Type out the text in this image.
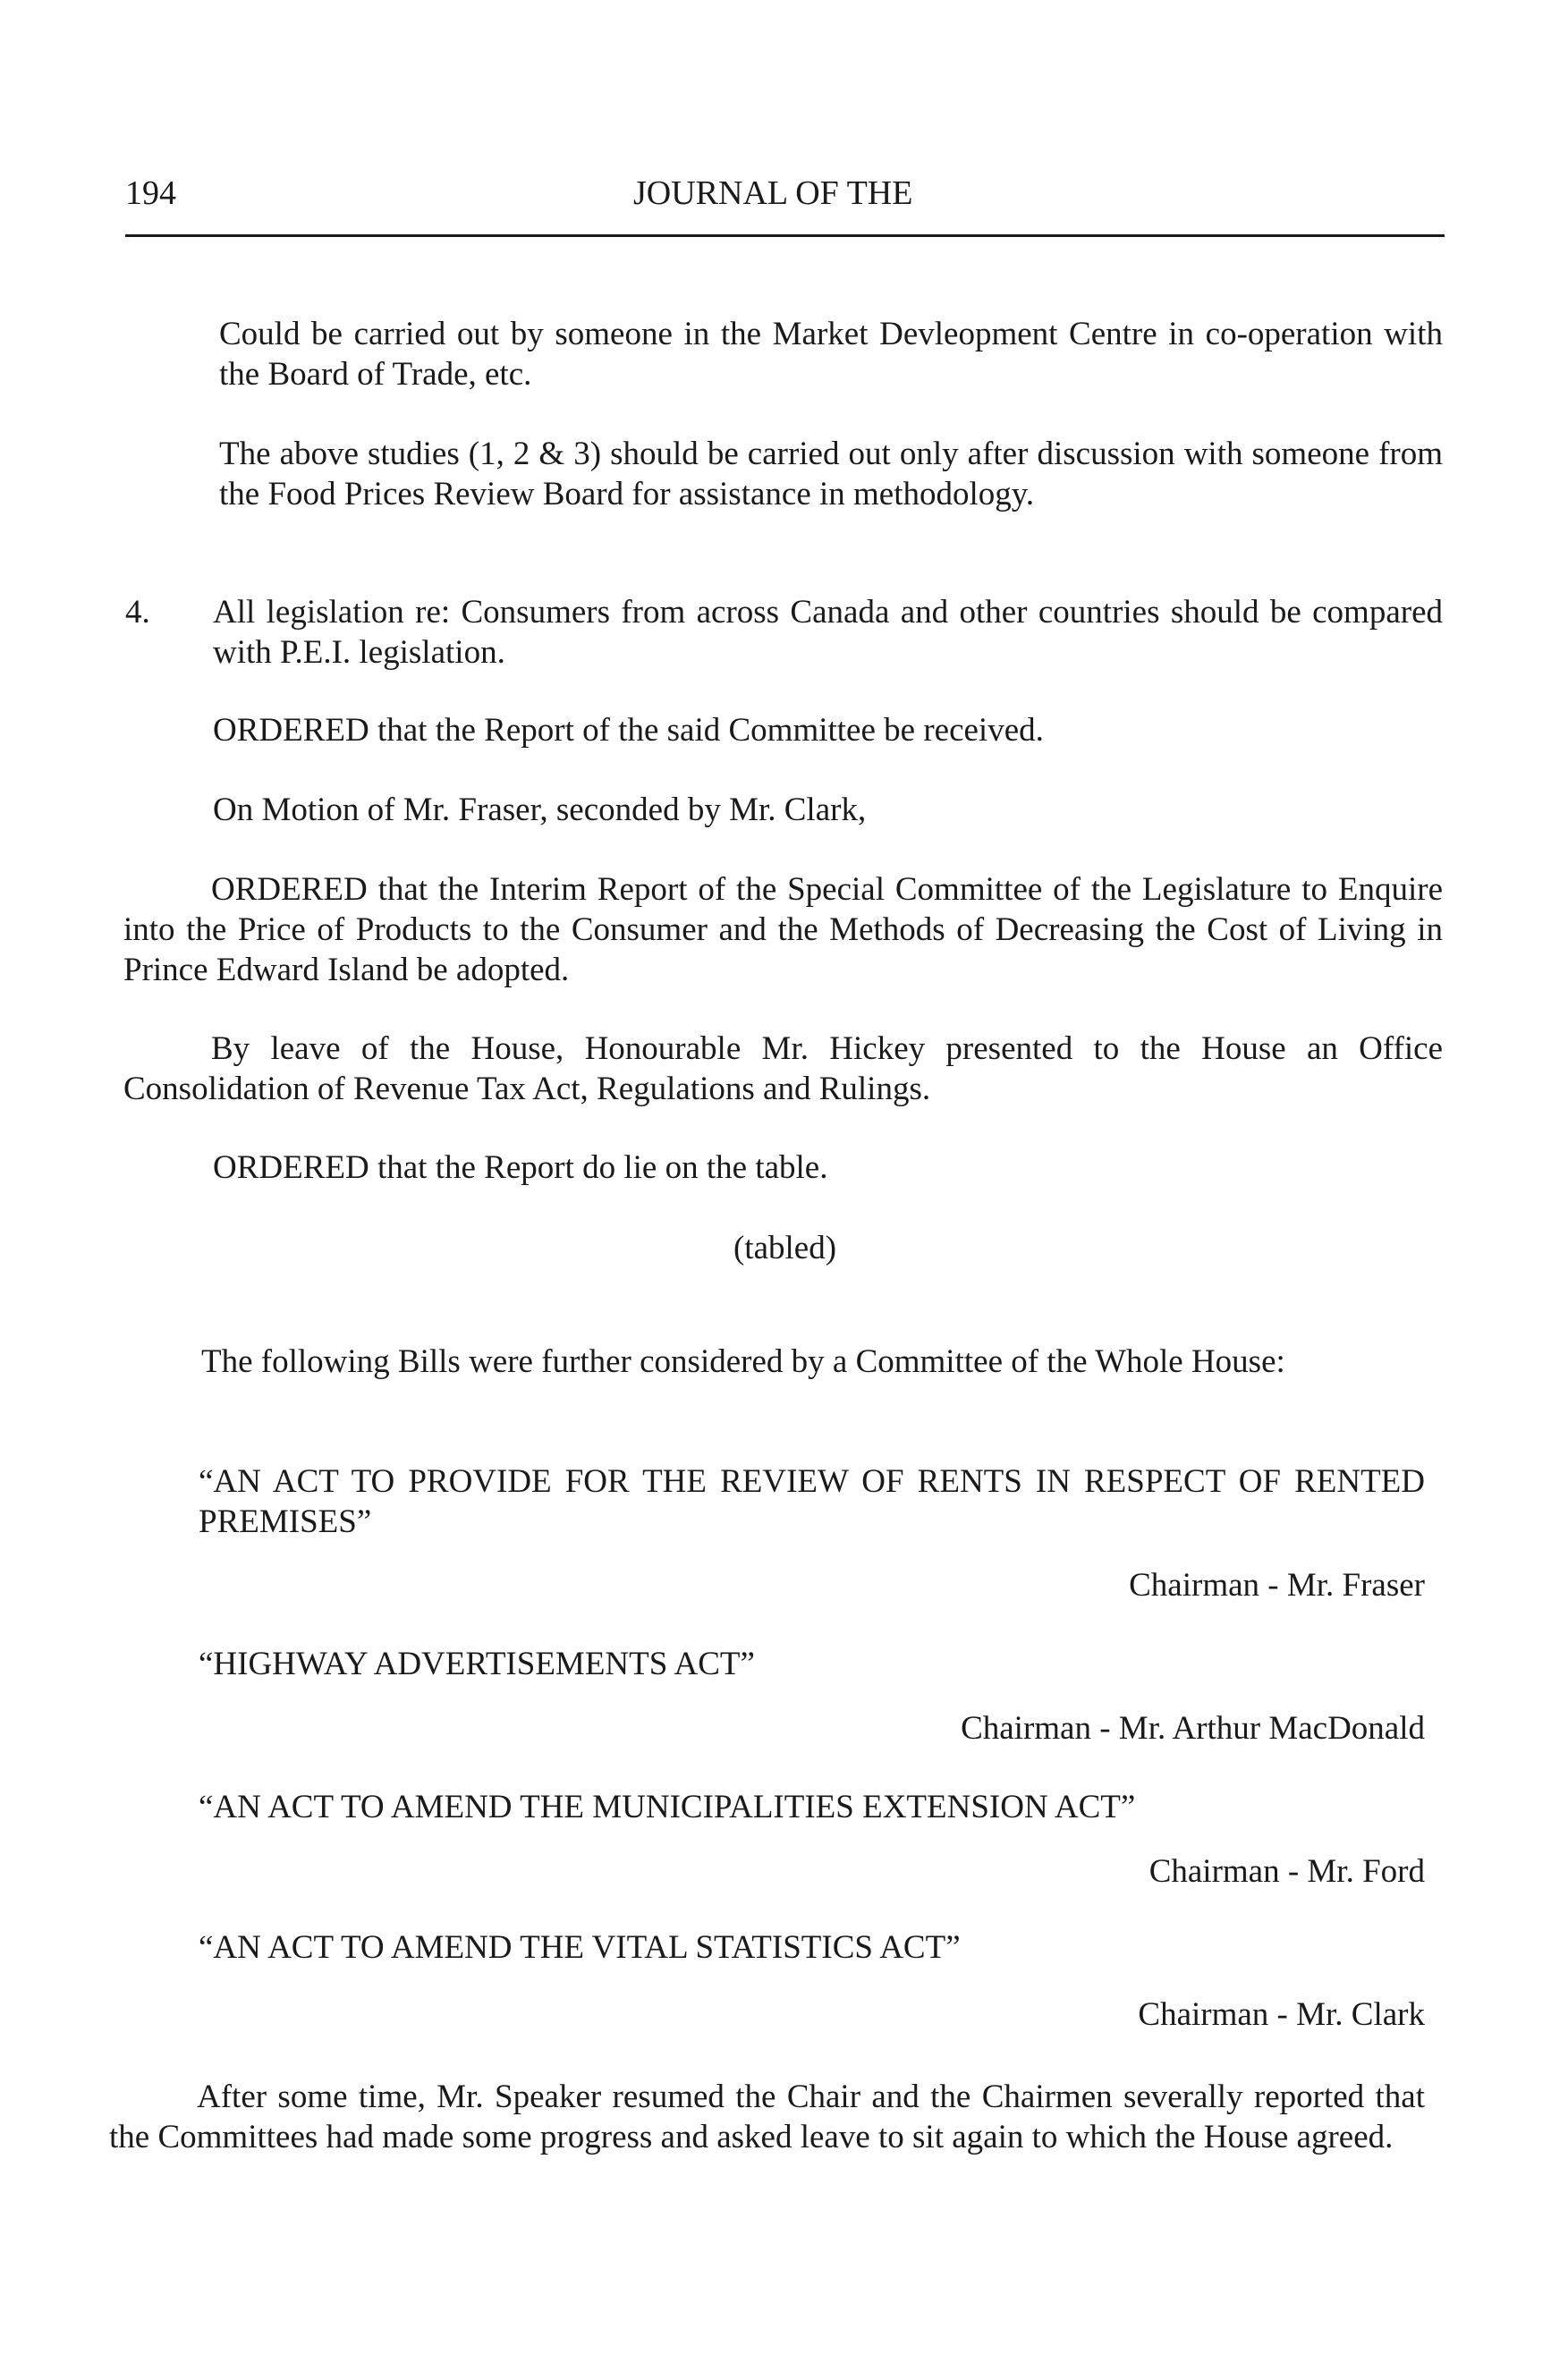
194	JOURNAL OF THE

Could be carried out by someone in the Market Devleopment Centre in co-operation with the Board of Trade, etc.

The above studies (1, 2 & 3) should be carried out only after discussion with someone from the Food Prices Review Board for assistance in methodology.

4. All legislation re: Consumers from across Canada and other countries should be compared with P.E.I. legislation.

ORDERED that the Report of the said Committee be received.

On Motion of Mr. Fraser, seconded by Mr. Clark,

ORDERED that the Interim Report of the Special Committee of the Legislature to Enquire into the Price of Products to the Consumer and the Methods of Decreasing the Cost of Living in Prince Edward Island be adopted.

By leave of the House, Honourable Mr. Hickey presented to the House an Office Consolidation of Revenue Tax Act, Regulations and Rulings.

ORDERED that the Report do lie on the table.

(tabled)

The following Bills were further considered by a Committee of the Whole House:

“AN ACT TO PROVIDE FOR THE REVIEW OF RENTS IN RESPECT OF RENTED PREMISES”

Chairman - Mr. Fraser
“HIGHWAY ADVERTISEMENTS ACT”
Chairman - Mr. Arthur MacDonald
“AN ACT TO AMEND THE MUNICIPALITIES EXTENSION ACT”
Chairman - Mr. Ford
“AN ACT TO AMEND THE VITAL STATISTICS ACT”
Chairman - Mr. Clark

After some time, Mr. Speaker resumed the Chair and the Chairmen severally reported that the Committees had made some progress and asked leave to sit again to which the House agreed.
